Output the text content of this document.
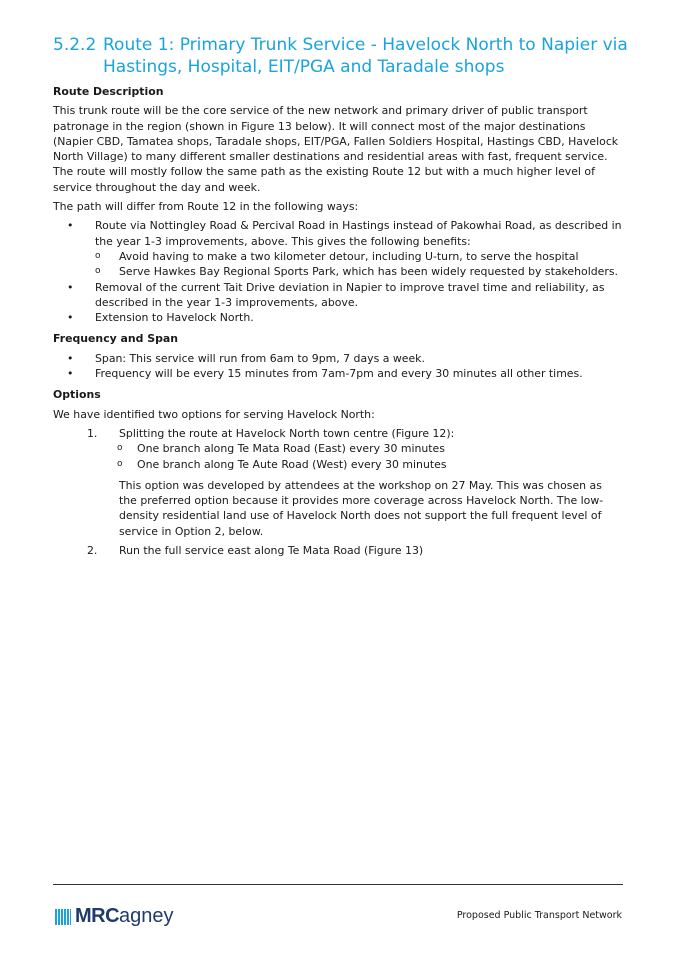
5.2.2 Route 1: Primary Trunk Service - Havelock North to Napier via Hastings, Hospital, EIT/PGA and Taradale shops
Route Description

This trunk route will be the core service of the new network and primary driver of public transport patronage in the region (shown in Figure 13 below). It will connect most of the major destinations (Napier CBD, Tamatea shops, Taradale shops, EIT/PGA, Fallen Soldiers Hospital, Hastings CBD, Havelock North Village) to many different smaller destinations and residential areas with fast, frequent service. The route will mostly follow the same path as the existing Route 12 but with a much higher level of service throughout the day and week.

The path will differ from Route 12 in the following ways:

• Route via Nottingley Road & Percival Road in Hastings instead of Pakowhai Road, as described in the year 1-3 improvements, above. This gives the following benefits:
o Avoid having to make a two kilometer detour, including U-turn, to serve the hospital
o Serve Hawkes Bay Regional Sports Park, which has been widely requested by stakeholders.
• Removal of the current Tait Drive deviation in Napier to improve travel time and reliability, as described in the year 1-3 improvements, above.
• Extension to Havelock North.
Frequency and Span
• Span: This service will run from 6am to 9pm, 7 days a week.
• Frequency will be every 15 minutes from 7am-7pm and every 30 minutes all other times.
Options

We have identified two options for serving Havelock North:

1. Splitting the route at Havelock North town centre (Figure 12):
o One branch along Te Mata Road (East) every 30 minutes
o One branch along Te Aute Road (West) every 30 minutes
This option was developed by attendees at the workshop on 27 May. This was chosen as the preferred option because it provides more coverage across Havelock North. The low-density residential land use of Havelock North does not support the full frequent level of service in Option 2, below.
2. Run the full service east along Te Mata Road (Figure 13)
MRC agney	Proposed Public Transport Network
